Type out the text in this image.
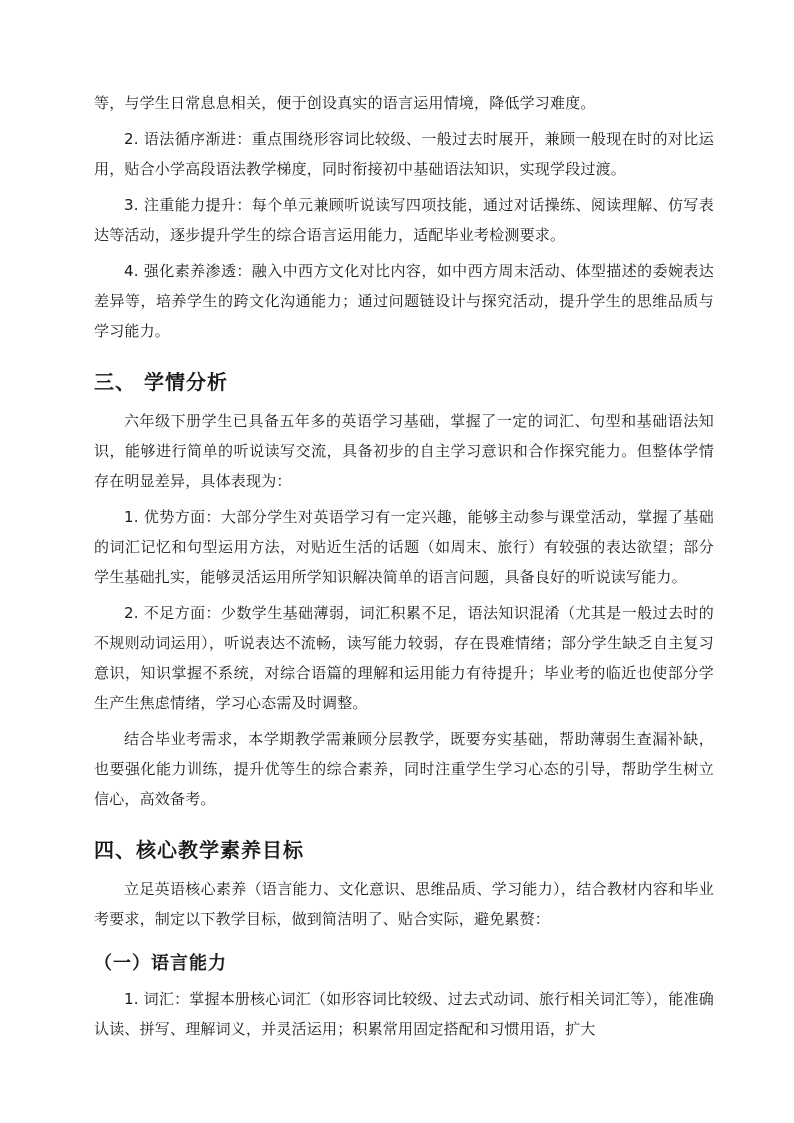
等，与学生日常息息相关，便于创设真实的语言运用情境，降低学习难度。

2. 语法循序渐进：重点围绕形容词比较级、一般过去时展开，兼顾一般现在时的对比运用，贴合小学高段语法教学梯度，同时衔接初中基础语法知识，实现学段过渡。

3. 注重能力提升：每个单元兼顾听说读写四项技能，通过对话操练、阅读理解、仿写表达等活动，逐步提升学生的综合语言运用能力，适配毕业考检测要求。

4. 强化素养渗透：融入中西方文化对比内容，如中西方周末活动、体型描述的委婉表达差异等，培养学生的跨文化沟通能力；通过问题链设计与探究活动，提升学生的思维品质与学习能力。

三、 学情分析

六年级下册学生已具备五年多的英语学习基础，掌握了一定的词汇、句型和基础语法知识，能够进行简单的听说读写交流，具备初步的自主学习意识和合作探究能力。但整体学情存在明显差异，具体表现为：

1. 优势方面：大部分学生对英语学习有一定兴趣，能够主动参与课堂活动，掌握了基础的词汇记忆和句型运用方法，对贴近生活的话题（如周末、旅行）有较强的表达欲望；部分学生基础扎实，能够灵活运用所学知识解决简单的语言问题，具备良好的听说读写能力。

2. 不足方面：少数学生基础薄弱，词汇积累不足，语法知识混淆（尤其是一般过去时的不规则动词运用），听说表达不流畅，读写能力较弱，存在畏难情绪；部分学生缺乏自主复习意识，知识掌握不系统，对综合语篇的理解和运用能力有待提升；毕业考的临近也使部分学生产生焦虑情绪，学习心态需及时调整。

结合毕业考需求，本学期教学需兼顾分层教学，既要夯实基础，帮助薄弱生查漏补缺，也要强化能力训练，提升优等生的综合素养，同时注重学生学习心态的引导，帮助学生树立信心，高效备考。

四、核心教学素养目标

立足英语核心素养（语言能力、文化意识、思维品质、学习能力），结合教材内容和毕业考要求，制定以下教学目标，做到简洁明了、贴合实际，避免累赘：

（一）语言能力

1. 词汇：掌握本册核心词汇（如形容词比较级、过去式动词、旅行相关词汇等），能准确认读、拼写、理解词义，并灵活运用；积累常用固定搭配和习惯用语，扩大
